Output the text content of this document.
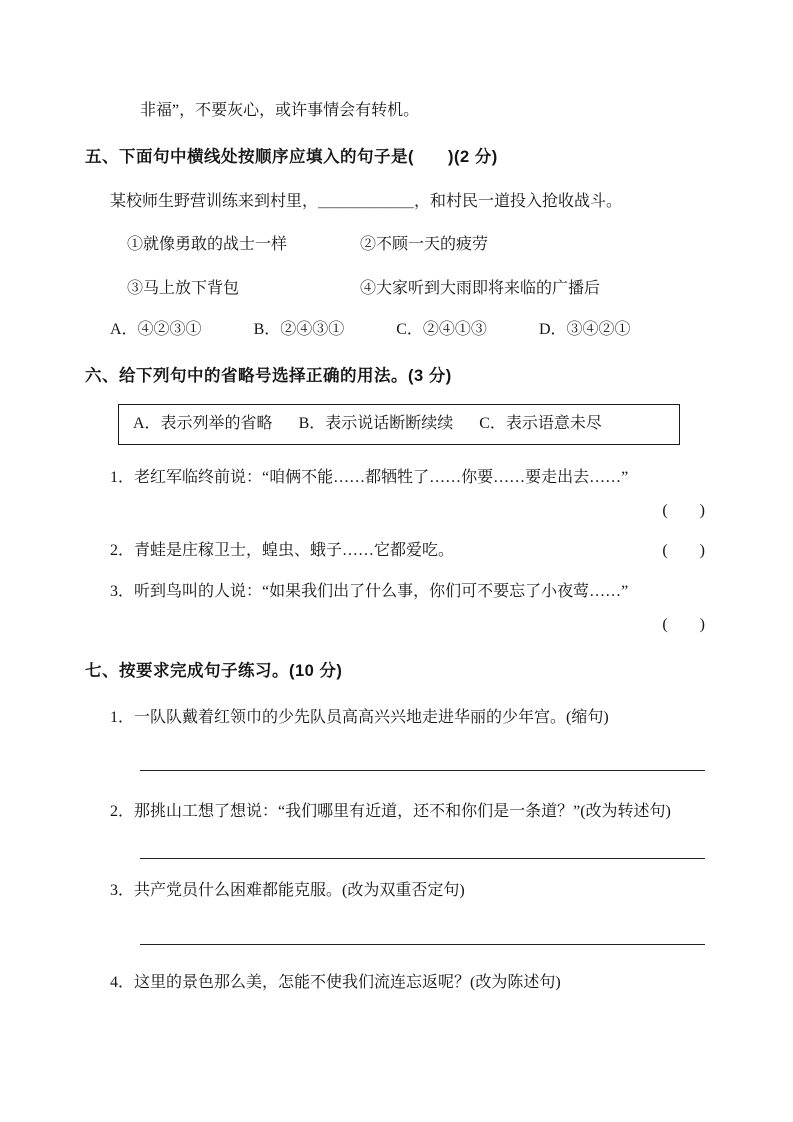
非福”，不要灰心，或许事情会有转机。

五、下面句中横线处按顺序应填入的句子是(　　)(2 分)

某校师生野营训练来到村里，＿＿＿＿＿＿，和村民一道投入抢收战斗。

①就像勇敢的战士一样	②不顾一天的疲劳
③马上放下背包	④大家听到大雨即将来临的广播后
A．④②③①	B．②④③①	C．②④①③	D．③④②①
六、给下列句中的省略号选择正确的用法。(3 分)
A．表示列举的省略 B．表示说话断断续续 C．表示语意未尽

1．老红军临终前说：“咱俩不能……都牺牲了……你要……要走出去……”

(　　)

2．青蛙是庄稼卫士，蝗虫、蛾子……它都爱吃。	(　　)

3．听到鸟叫的人说：“如果我们出了什么事，你们可不要忘了小夜莺……”

(　　)

七、按要求完成句子练习。(10 分)

1．一队队戴着红领巾的少先队员高高兴兴地走进华丽的少年宫。(缩句)

2．那挑山工想了想说：“我们哪里有近道，还不和你们是一条道？”(改为转述句)

3．共产党员什么困难都能克服。(改为双重否定句)

4．这里的景色那么美，怎能不使我们流连忘返呢？(改为陈述句)
